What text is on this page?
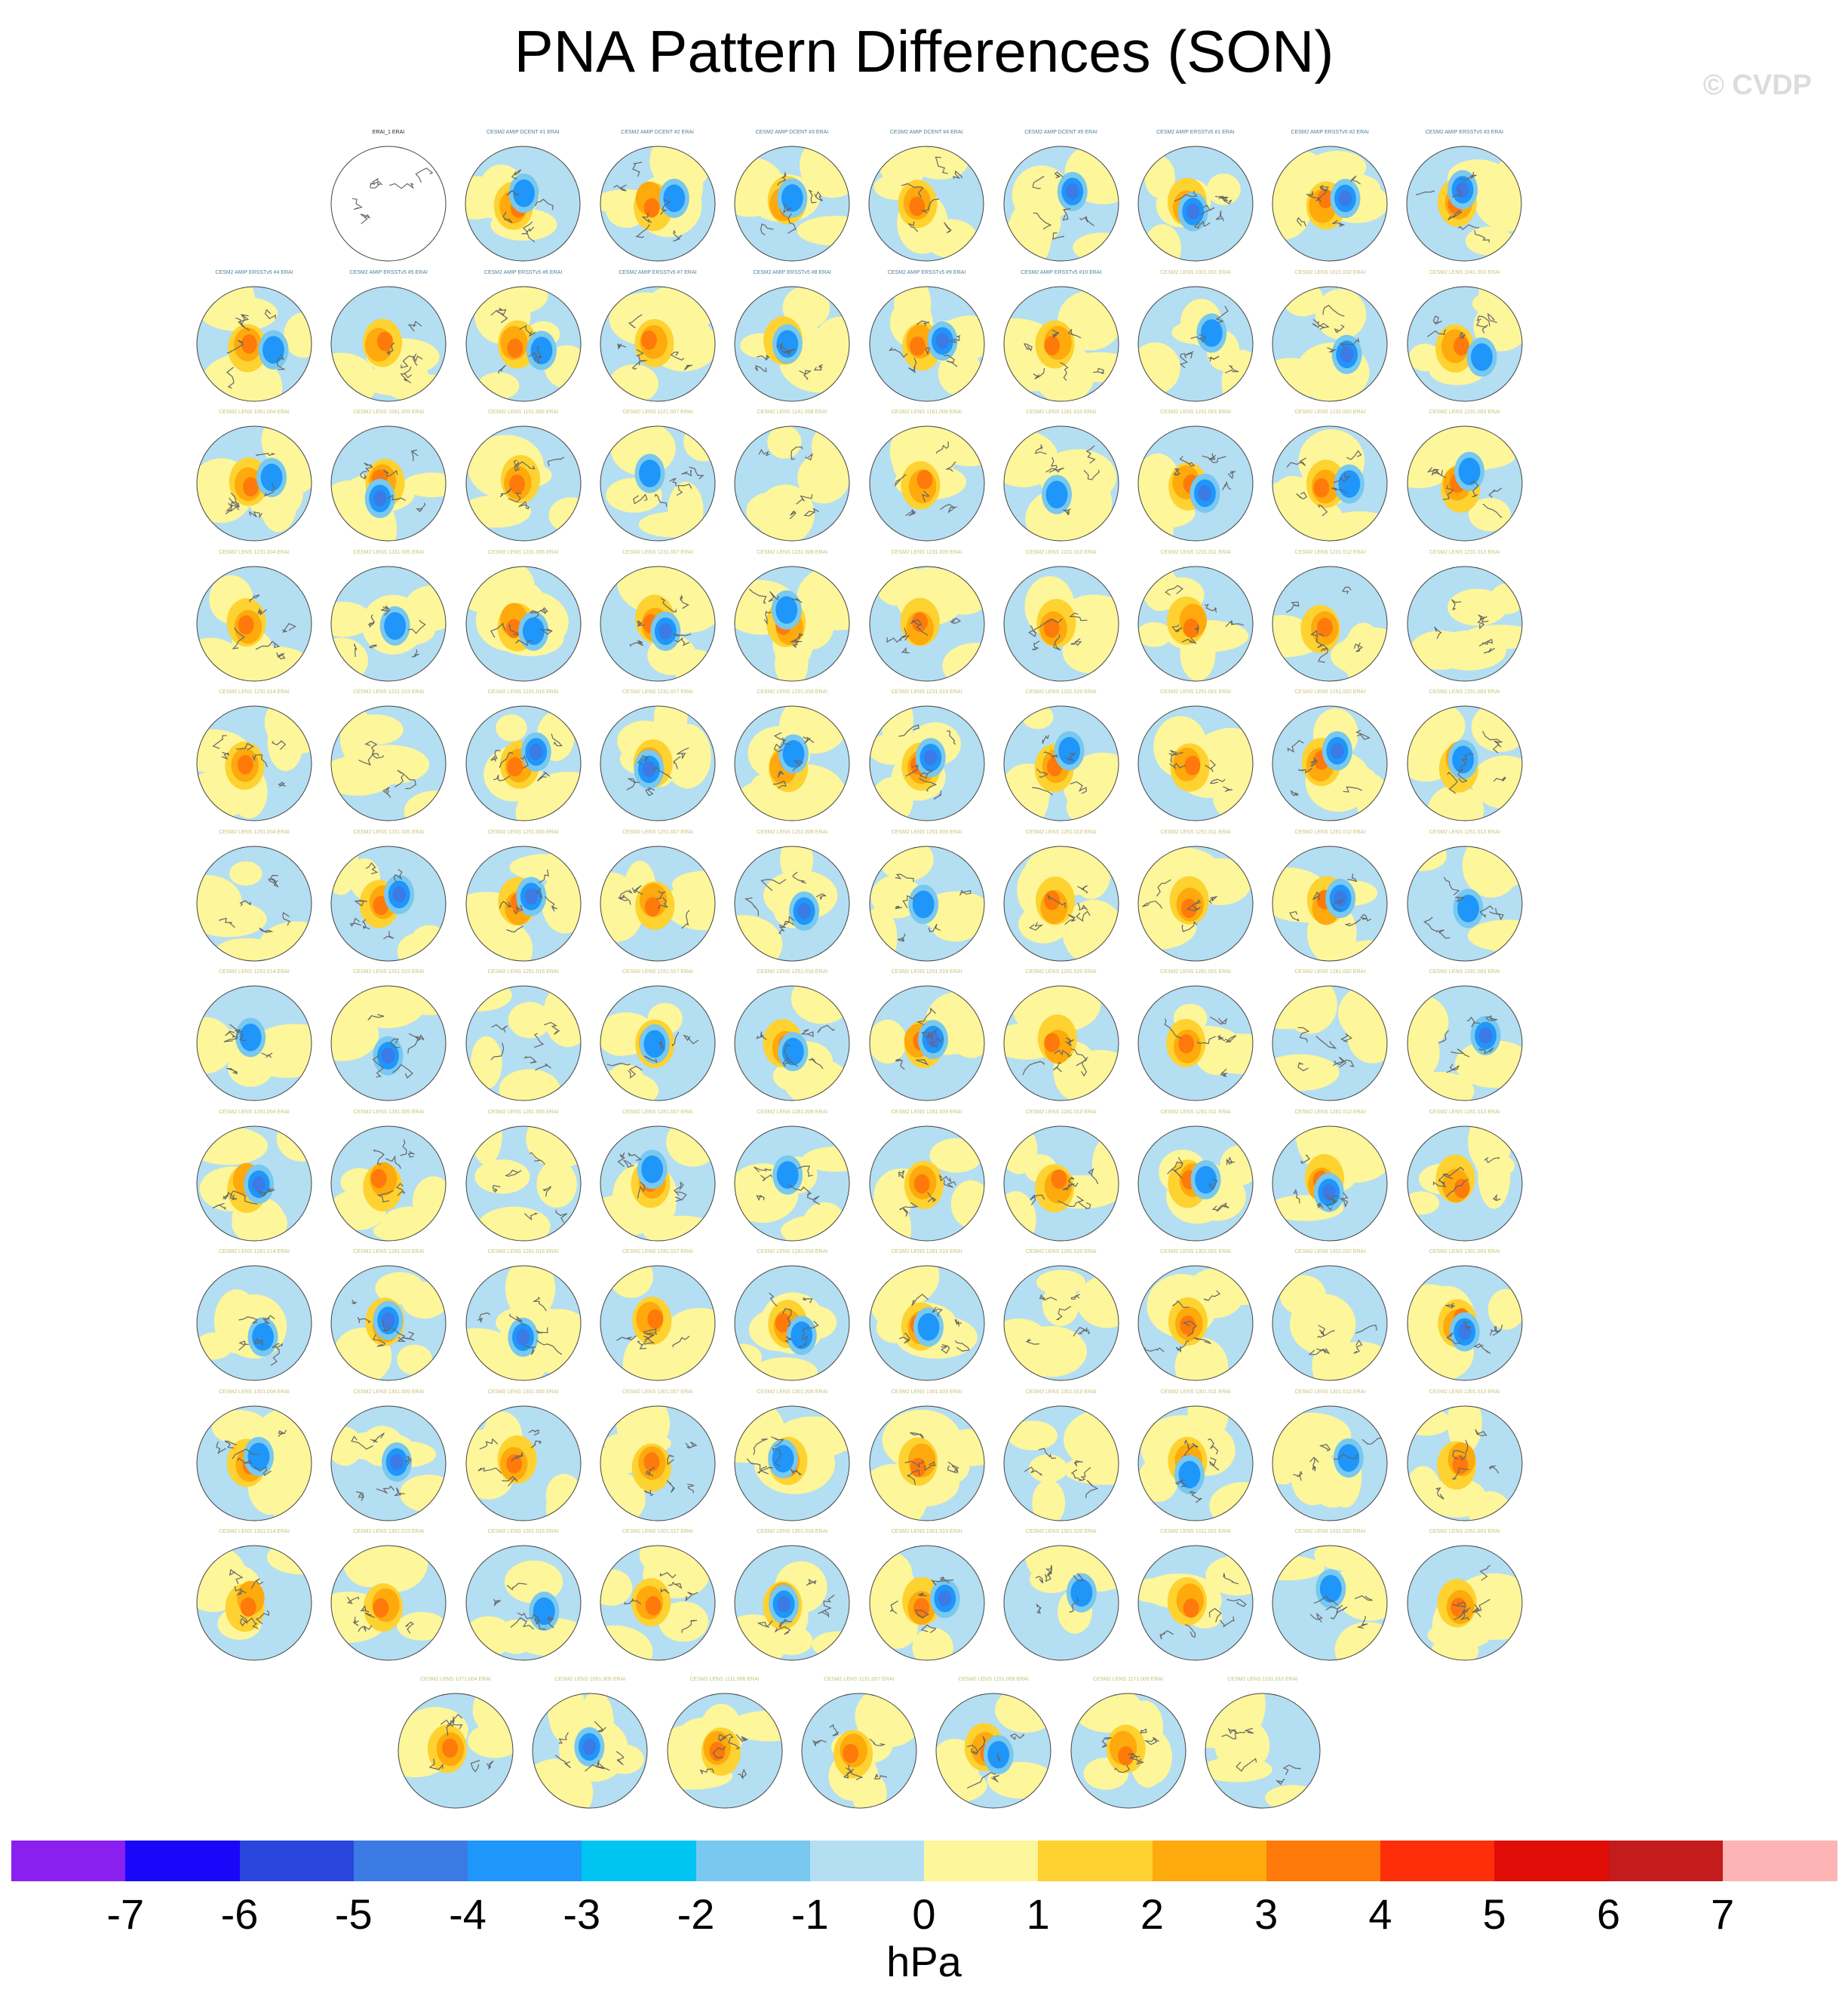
PNA Pattern Differences (SON)
© CVDP
ERAI_1 ERAI	CESM2 AMIP DCENT #1 ERAI	CESM2 AMIP DCENT #2 ERAI	CESM2 AMIP DCENT #3 ERAI	CESM2 AMIP DCENT #4 ERAI	CESM2 AMIP DCENT #5 ERAI	CESM2 AMIP ERSSTv5 #1 ERAI	CESM2 AMIP ERSSTv5 #2 ERAI	CESM2 AMIP ERSSTv5 #3 ERAI
CESM2 AMIP ERSSTv5 #4 ERAI	CESM2 AMIP ERSSTv5 #5 ERAI	CESM2 AMIP ERSSTv5 #6 ERAI	CESM2 AMIP ERSSTv5 #7 ERAI	CESM2 AMIP ERSSTv5 #8 ERAI	CESM2 AMIP ERSSTv5 #9 ERAI	CESM2 AMIP ERSSTv5 #10 ERAI	CESM2 LENS 1001.001 ERAI	CESM2 LENS 1021.002 ERAI	CESM2 LENS 1041.003 ERAI
CESM2 LENS 1061.004 ERAI	CESM2 LENS 1081.005 ERAI	CESM2 LENS 1101.006 ERAI	CESM2 LENS 1121.007 ERAI	CESM2 LENS 1141.008 ERAI	CESM2 LENS 1161.009 ERAI	CESM2 LENS 1181.010 ERAI	CESM2 LENS 1231.001 ERAI	CESM2 LENS 1231.002 ERAI	CESM2 LENS 1231.003 ERAI
CESM2 LENS 1231.004 ERAI	CESM2 LENS 1231.005 ERAI	CESM2 LENS 1231.006 ERAI	CESM2 LENS 1231.007 ERAI	CESM2 LENS 1231.008 ERAI	CESM2 LENS 1231.009 ERAI	CESM2 LENS 1231.010 ERAI	CESM2 LENS 1231.011 ERAI	CESM2 LENS 1231.012 ERAI	CESM2 LENS 1231.013 ERAI
CESM2 LENS 1231.014 ERAI	CESM2 LENS 1231.015 ERAI	CESM2 LENS 1231.016 ERAI	CESM2 LENS 1231.017 ERAI	CESM2 LENS 1231.018 ERAI	CESM2 LENS 1231.019 ERAI	CESM2 LENS 1231.020 ERAI	CESM2 LENS 1251.001 ERAI	CESM2 LENS 1251.002 ERAI	CESM2 LENS 1251.003 ERAI
CESM2 LENS 1251.004 ERAI	CESM2 LENS 1251.005 ERAI	CESM2 LENS 1251.006 ERAI	CESM2 LENS 1251.007 ERAI	CESM2 LENS 1251.008 ERAI	CESM2 LENS 1251.009 ERAI	CESM2 LENS 1251.010 ERAI	CESM2 LENS 1251.011 ERAI	CESM2 LENS 1251.012 ERAI	CESM2 LENS 1251.013 ERAI
CESM2 LENS 1251.014 ERAI	CESM2 LENS 1251.015 ERAI	CESM2 LENS 1251.016 ERAI	CESM2 LENS 1251.017 ERAI	CESM2 LENS 1251.018 ERAI	CESM2 LENS 1251.019 ERAI	CESM2 LENS 1251.020 ERAI	CESM2 LENS 1281.001 ERAI	CESM2 LENS 1281.002 ERAI	CESM2 LENS 1281.003 ERAI
CESM2 LENS 1281.004 ERAI	CESM2 LENS 1281.005 ERAI	CESM2 LENS 1281.006 ERAI	CESM2 LENS 1281.007 ERAI	CESM2 LENS 1281.008 ERAI	CESM2 LENS 1281.009 ERAI	CESM2 LENS 1281.010 ERAI	CESM2 LENS 1281.011 ERAI	CESM2 LENS 1281.012 ERAI	CESM2 LENS 1281.013 ERAI
CESM2 LENS 1281.014 ERAI	CESM2 LENS 1281.015 ERAI	CESM2 LENS 1281.016 ERAI	CESM2 LENS 1281.017 ERAI	CESM2 LENS 1281.018 ERAI	CESM2 LENS 1281.019 ERAI	CESM2 LENS 1281.020 ERAI	CESM2 LENS 1301.001 ERAI	CESM2 LENS 1301.002 ERAI	CESM2 LENS 1301.003 ERAI
CESM2 LENS 1301.004 ERAI	CESM2 LENS 1301.005 ERAI	CESM2 LENS 1301.006 ERAI	CESM2 LENS 1301.007 ERAI	CESM2 LENS 1301.008 ERAI	CESM2 LENS 1301.009 ERAI	CESM2 LENS 1301.010 ERAI	CESM2 LENS 1301.011 ERAI	CESM2 LENS 1301.012 ERAI	CESM2 LENS 1301.013 ERAI
CESM2 LENS 1301.014 ERAI	CESM2 LENS 1301.015 ERAI	CESM2 LENS 1301.016 ERAI	CESM2 LENS 1301.017 ERAI	CESM2 LENS 1301.018 ERAI	CESM2 LENS 1301.019 ERAI	CESM2 LENS 1301.020 ERAI	CESM2 LENS 1011.001 ERAI	CESM2 LENS 1031.002 ERAI	CESM2 LENS 1051.003 ERAI
CESM2 LENS 1071.004 ERAI	CESM2 LENS 1091.005 ERAI	CESM2 LENS 1111.006 ERAI	CESM2 LENS 1131.007 ERAI	CESM2 LENS 1151.008 ERAI	CESM2 LENS 1171.009 ERAI	CESM2 LENS 1191.010 ERAI
-7	-6	-5	-4	-3	-2	-1	0	1	2	3	4	5	6	7
hPa
